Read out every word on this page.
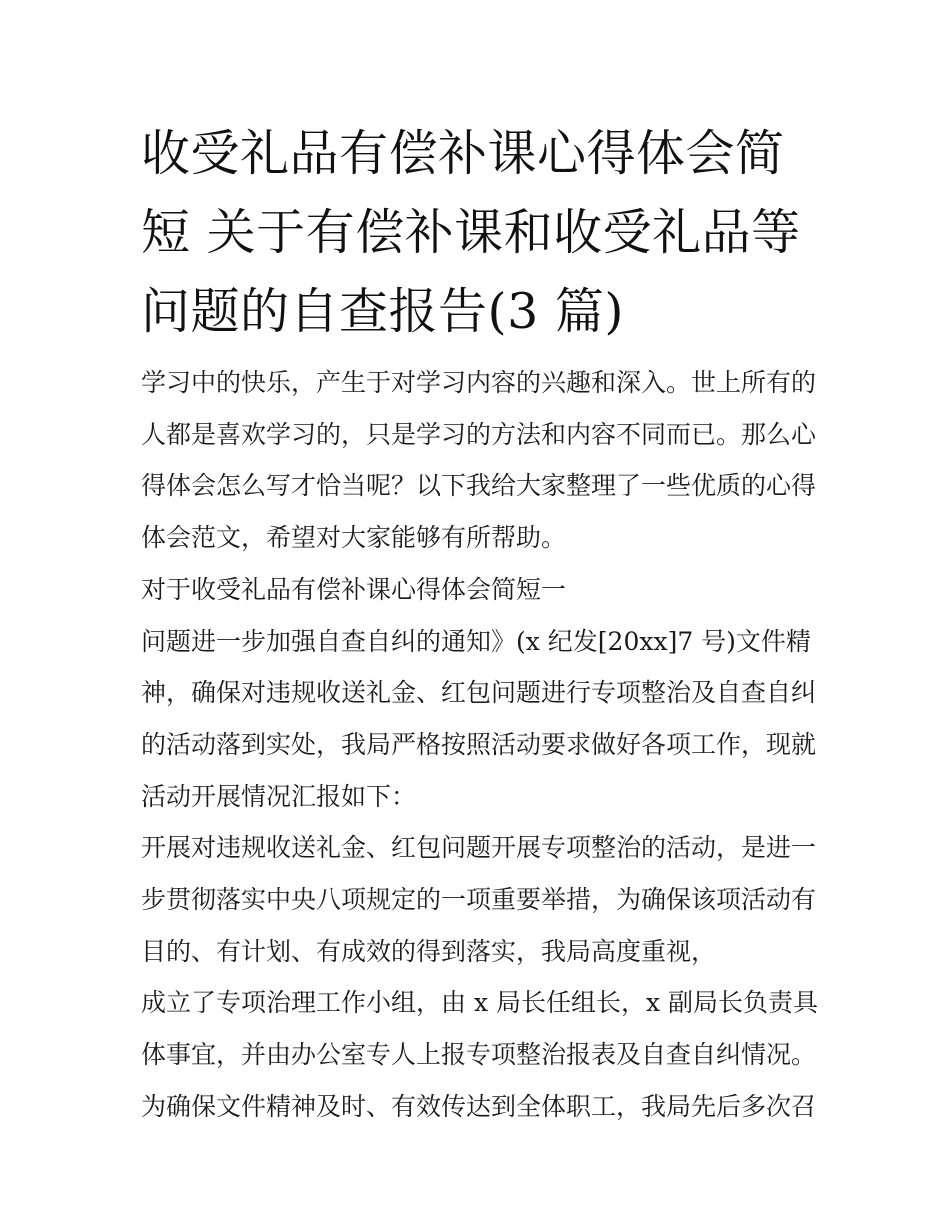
收受礼品有偿补课心得体会简
短 关于有偿补课和收受礼品等
问题的自查报告(3 篇)
学习中的快乐，产生于对学习内容的兴趣和深入。世上所有的
人都是喜欢学习的，只是学习的方法和内容不同而已。那么心
得体会怎么写才恰当呢？以下我给大家整理了一些优质的心得
体会范文，希望对大家能够有所帮助。
对于收受礼品有偿补课心得体会简短一
问题进一步加强自查自纠的通知》(x 纪发[20xx]7 号)文件精
神，确保对违规收送礼金、红包问题进行专项整治及自查自纠
的活动落到实处，我局严格按照活动要求做好各项工作，现就
活动开展情况汇报如下：
开展对违规收送礼金、红包问题开展专项整治的活动，是进一
步贯彻落实中央八项规定的一项重要举措，为确保该项活动有
目的、有计划、有成效的得到落实，我局高度重视，
成立了专项治理工作小组，由 x 局长任组长，x 副局长负责具
体事宜，并由办公室专人上报专项整治报表及自查自纠情况。
为确保文件精神及时、有效传达到全体职工，我局先后多次召
